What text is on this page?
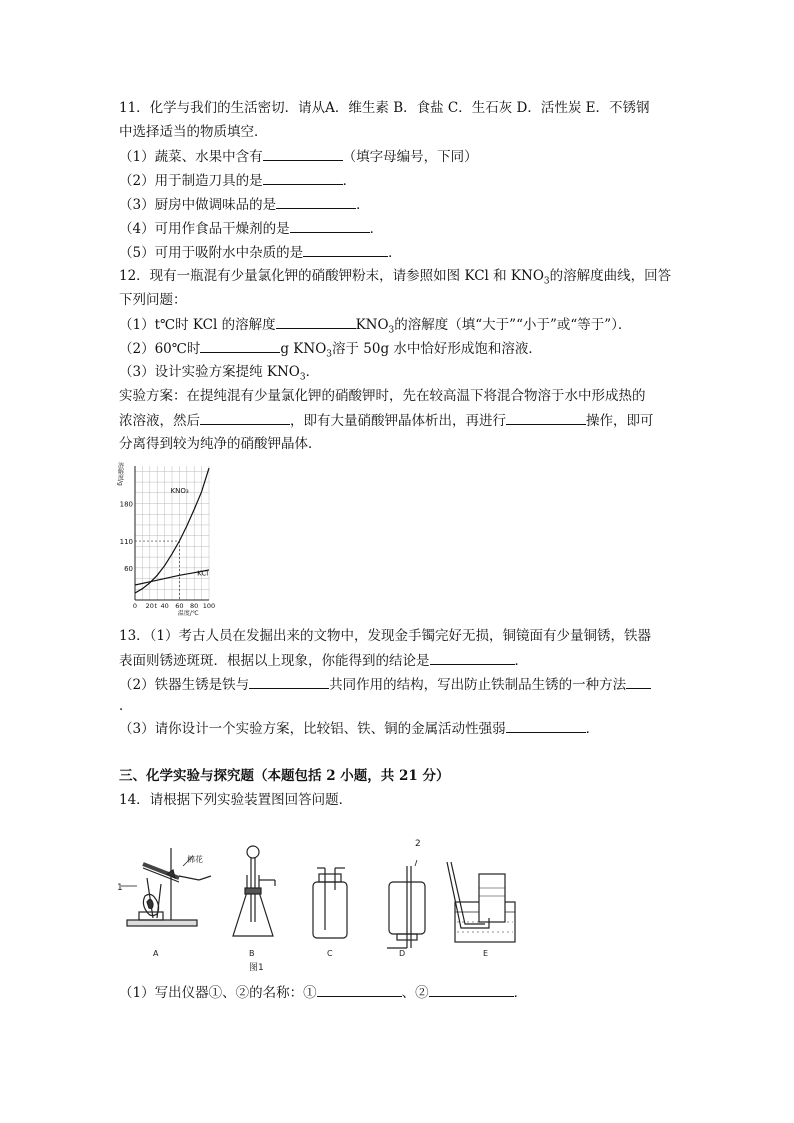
11．化学与我们的生活密切．请从A．维生素 B．食盐 C．生石灰 D．活性炭 E．不锈钢
中选择适当的物质填空．
（1）蔬菜、水果中含有	（填字母编号，下同）
（2）用于制造刀具的是	．
（3）厨房中做调味品的是	．
（4）可用作食品干燥剂的是	．
（5）可用于吸附水中杂质的是	．
12．现有一瓶混有少量氯化钾的硝酸钾粉末，请参照如图 KCl 和 $KNO_3$的溶解度曲线，回答
下列问题：
（1）t℃时 KCl 的溶解度	$KNO_3$的溶解度（填“大于”“小于”或“等于”）．
（2）60℃时	g $KNO_3$溶于 50g 水中恰好形成饱和溶液．
（3）设计实验方案提纯 $KNO_3$．
实验方案：在提纯混有少量氯化钾的硝酸钾时，先在较高温下将混合物溶于水中形成热的
浓溶液，然后	，即有大量硝酸钾晶体析出，再进行	操作，即可
分离得到较为纯净的硝酸钾晶体．
60
110
180
0 20 t 40 60 80 100
溶解度/g
温度/℃
KNO₃
KCl
13．（1）考古人员在发掘出来的文物中，发现金手镯完好无损，铜镜面有少量铜锈，铁器
表面则锈迹斑斑．根据以上现象，你能得到的结论是	．
（2）铁器生锈是铁与	共同作用的结构，写出防止铁制品生锈的一种方法
．
（3）请你设计一个实验方案，比较铝、铁、铜的金属活动性强弱	．
三、化学实验与探究题（本题包括 2 小题，共 21 分）
14．请根据下列实验装置图回答问题．
棉花
1
2
A	B	C	D	E
图1
（1）写出仪器①、②的名称：①	、②	．
